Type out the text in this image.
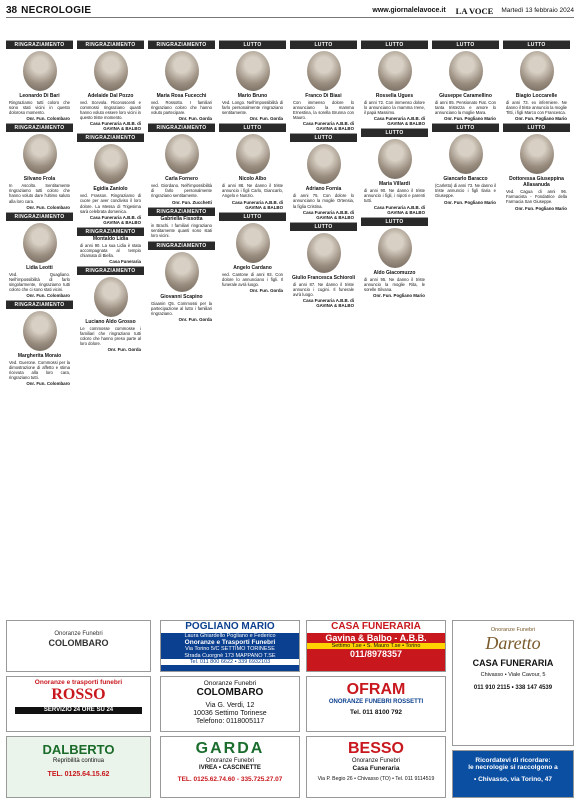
38 NECROLOGIE	www.giornalelavoce.it LA VOCE Martedì 13 febbraio 2024
RINGRAZIAMENTO
Leonardo Di Bari
Ringraziamo tutti coloro che sono stati vicini in questo doloroso momento.
Onr. Fun. Colombaro
RINGRAZIAMENTO
Silvano Frola
In Ascolto. Sentitamente ringraziamo tutti coloro che hanno voluto dare l'ultimo saluto alla loro cara.
Onr. Fun. Colombaro
RINGRAZIAMENTO
Lidia Leotti
Ved. Quagliano. Nell'impossibilità di farlo singolarmente, ringraziamo tutti coloro che ci sono stati vicini.
Onr. Fun. Colombaro
RINGRAZIAMENTO
Margherita Moraio
Ved. Guerone. Commossi per la dimostrazione di affetto e stima ricevuta alla loro cara, ringraziano tutti.
Onr. Fun. Colombaro
RINGRAZIAMENTO
Adelaide Dal Pozzo
ved. Scevola. Riconoscenti e commossi ringraziano quanti hanno voluto essere loro vicini in questo triste momento.
Casa Funeraria A.B.B. di GAVINA & BALBO
RINGRAZIAMENTO
Egidia Zaniolo
ved. Frasson. Ringraziamo di cuore per aver condiviso il loro dolore. La Messa di Trigesima sarà celebrata domenica.
Casa Funeraria A.B.B. di GAVINA & BALBO
RINGRAZIAMENTO
Montaldo Lidia
di anni 90. La sua Lidia è stata accompagnata al tempio chiamata di Biella.
Casa Funeraria
RINGRAZIAMENTO
Luciano Aldo Grosso
Le commosse commosse i familiari che ringraziano tutti coloro che hanno preso parte al loro dolore.
Onr. Fun. Gorda
RINGRAZIAMENTO
Maria Rosa Fucecchi
ved. Rossotto. I familiari ringraziano coloro che hanno voluto partecipare.
Onr. Fun. Gorda
RINGRAZIAMENTO
Carla Fornero
ved. Giordano. Nell'impossibilità di farlo personalmente ringraziano sentitamente.
Onr. Fun. Zucchetti
RINGRAZIAMENTO
Gabriella Fissotta
in Brachi. I familiari ringraziano sentitamente quanti sono stati loro vicini.
RINGRAZIAMENTO
Giovanni Scapino
Giaanin Q5. Commossi per la partecipazione al lutto i familiari ringraziano.
Onr. Fun. Gorda
LUTTO
Mario Bruno
Ved. Longo. Nell'impossibilità di farlo personalmente ringraziano sentitamente.
Onr. Fun. Gorda
LUTTO
Nicolo Albo
di anni 88. Ne danno il triste annuncio i figli Carlo, Giancarlo, Angelo e Nunzio.
Casa Funeraria A.B.B. di GAVINA & BALBO
LUTTO
Angelo Cardano
ved. Cantone di anni 93. Con dolore lo annunciano i figli. Il funerale avrà luogo.
Onr. Fun. Gorda
LUTTO
Franco Di Biasi
Con immenso dolore lo annunciano la mamma Ernestina, la sorella Brunna con Mauro.
Casa Funeraria A.B.B. di GAVINA & BALBO
LUTTO
Adriano Fornia
di anni 75. Con dolore lo annunciano la moglie Ortensia, la figlia Cristina.
Casa Funeraria A.B.B. di GAVINA & BALBO
LUTTO
Giulio Francesca Schioroli
di anni 87. Ne danno il triste annuncio i cugini. Il funerale avrà luogo.
Casa Funeraria A.B.B. di GAVINA & BALBO
LUTTO
Rossella Ugues
di anni 72. Con immenso dolore lo annunciano la mamma Irene, il papà Massimo.
Casa Funeraria A.B.B. di GAVINA & BALBO
LUTTO
Maria Villardi
di anni 90. Ne danno il triste annuncio i figli, i nipoti e parenti tutti.
Casa Funeraria A.B.B. di GAVINA & BALBO
LUTTO
Aldo Giacomuzzo
di anni 95. Ne danno il triste annuncio la moglie Rita, le sorelle Silvana.
Onr. Fun. Pogliano Mario
LUTTO
Giuseppe Caramellino
di anni 85. Pensionato Fiat. Con tanta tristezza e amore lo annunciano la moglie Mara.
Onr. Fun. Pogliano Mario
LUTTO
Giancarlo Baracco
(Carletto) di anni 73. Ne danno il triste annuncio i figli Ilaria e Giuseppe.
Onr. Fun. Pogliano Mario
LUTTO
Biagio Loccarelle
di anni 73. ex infermiere. Ne danno il triste annuncio la moglie Titti, i figli Marco con Francesca.
Onr. Fun. Pogliano Mario
LUTTO
Dottoressa Giuseppina Allasanuda
Ved. Cagua di anni 96. Farmacista - Fondatrice della Farmacia San Giuseppe.
Onr. Fun. Pogliano Mario
Onoranze Funebri
COLOMBARO
POGLIANO MARIO
Laura Ghiardello Pogliano e Federico
Onoranze e Trasporti Funebri
Via Torino 5/C SETTIMO TORINESE
Strada Cuorgnè 173 MAPPANO T.SE
Tel. 011 800 6622 • 339 6932103
CASA FUNERARIA
Gavina & Balbo - A.B.B.
Settimo T.se • S. Mauro T.se • Torino
011/8978357
Onoranze Funebri
Daretto
CASA FUNERARIA
Chivasso • Viale Cavour, 5
011 910 2115 • 338 147 4539
Onoranze e trasporti funebri
ROSSO
SERVIZIO 24 ORE SU 24
Onoranze Funebri
COLOMBARO
Via G. Verdi, 12
10036 Settimo Torinese
Telefono: 0118005117
OFRAM
ONORANZE FUNEBRI ROSSETTI
Tel. 011 8100 792
DALBERTO
Repribilità continua
TEL. 0125.64.15.62
GARDA
Onoranze Funebri
IVREA • CASCINETTE
TEL. 0125.62.74.60 - 335.725.27.07
BESSO
Onoranze Funebri
Casa Funeraria
Via P. Begio 26 • Chivasso (TO) • Tel. 011 9114519
Ricordatevi di ricordare:
le necrologie si raccolgono a
• Chivasso, via Torino, 47
